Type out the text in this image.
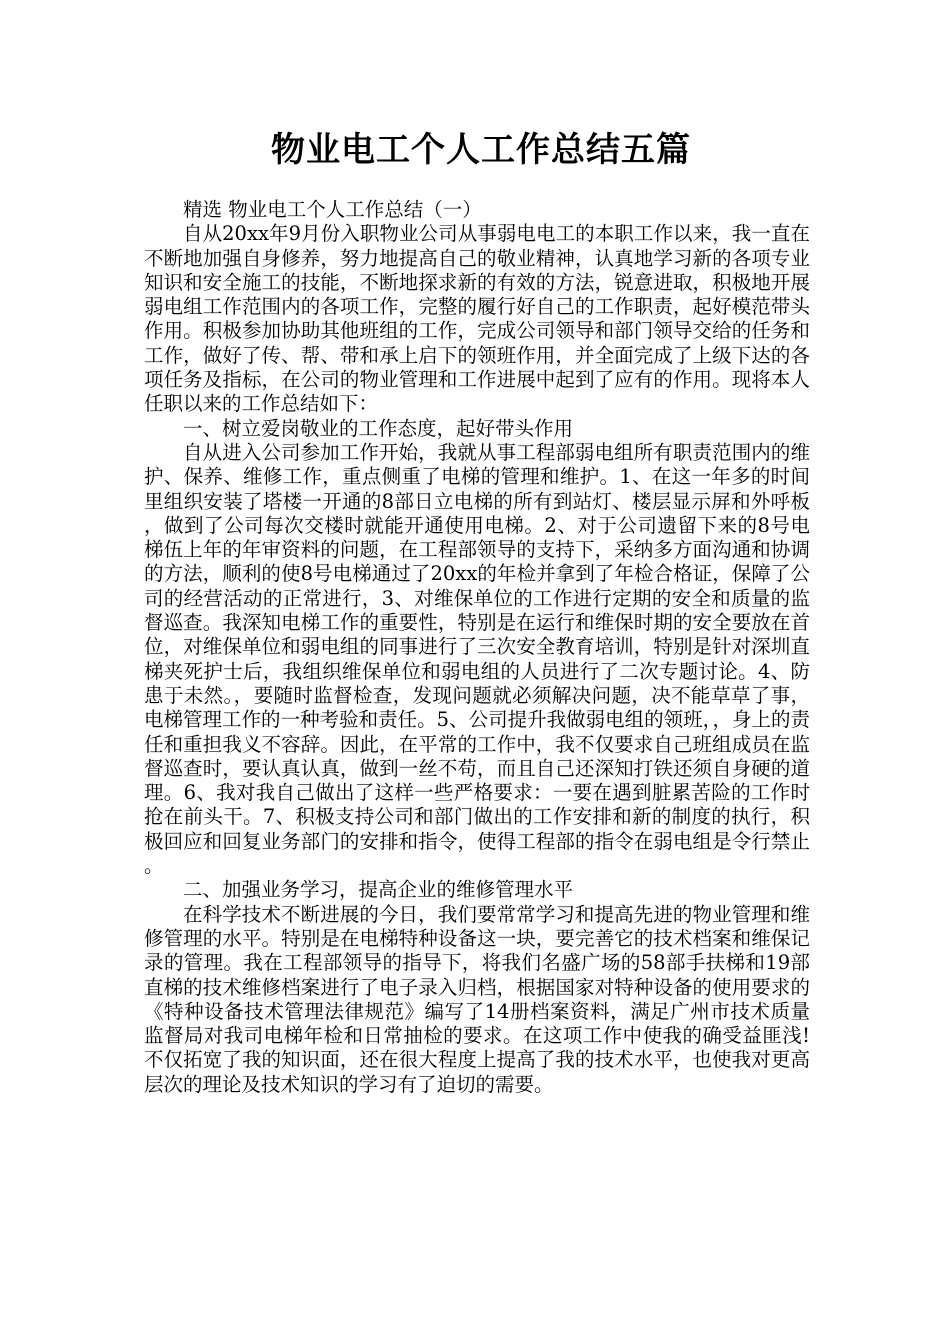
物业电工个人工作总结五篇

精选 物业电工个人工作总结（一）

自从20xx年9月份入职物业公司从事弱电电工的本职工作以来，我一直在不断地加强自身修养，努力地提高自己的敬业精神，认真地学习新的各项专业知识和安全施工的技能，不断地探求新的有效的方法，锐意进取，积极地开展弱电组工作范围内的各项工作，完整的履行好自己的工作职责，起好模范带头作用。积极参加协助其他班组的工作，完成公司领导和部门领导交给的任务和工作，做好了传、帮、带和承上启下的领班作用，并全面完成了上级下达的各项任务及指标，在公司的物业管理和工作进展中起到了应有的作用。现将本人任职以来的工作总结如下：

一、树立爱岗敬业的工作态度，起好带头作用

自从进入公司参加工作开始，我就从事工程部弱电组所有职责范围内的维护、保养、维修工作，重点侧重了电梯的管理和维护。1、在这一年多的时间里组织安装了塔楼一开通的8部日立电梯的所有到站灯、楼层显示屏和外呼板，做到了公司每次交楼时就能开通使用电梯。2、对于公司遗留下来的8号电梯伍上年的年审资料的问题，在工程部领导的支持下，采纳多方面沟通和协调的方法，顺利的使8号电梯通过了20xx的年检并拿到了年检合格证，保障了公司的经营活动的正常进行，3、对维保单位的工作进行定期的安全和质量的监督巡查。我深知电梯工作的重要性，特别是在运行和维保时期的安全要放在首位，对维保单位和弱电组的同事进行了三次安全教育培训，特别是针对深圳直梯夹死护士后，我组织维保单位和弱电组的人员进行了二次专题讨论。4、防患于未然。，要随时监督检查，发现问题就必须解决问题，决不能草草了事，电梯管理工作的一种考验和责任。5、公司提升我做弱电组的领班，，身上的责任和重担我义不容辞。因此，在平常的工作中，我不仅要求自己班组成员在监督巡查时，要认真认真，做到一丝不苟，而且自己还深知打铁还须自身硬的道理。6、我对我自己做出了这样一些严格要求：一要在遇到脏累苦险的工作时抢在前头干。7、积极支持公司和部门做出的工作安排和新的制度的执行，积极回应和回复业务部门的安排和指令，使得工程部的指令在弱电组是令行禁止。

二、加强业务学习，提高企业的维修管理水平

在科学技术不断进展的今日，我们要常常学习和提高先进的物业管理和维修管理的水平。特别是在电梯特种设备这一块，要完善它的技术档案和维保记录的管理。我在工程部领导的指导下，将我们名盛广场的58部手扶梯和19部直梯的技术维修档案进行了电子录入归档，根据国家对特种设备的使用要求的《特种设备技术管理法律规范》编写了14册档案资料，满足广州市技术质量监督局对我司电梯年检和日常抽检的要求。在这项工作中使我的确受益匪浅!不仅拓宽了我的知识面，还在很大程度上提高了我的技术水平，也使我对更高层次的理论及技术知识的学习有了迫切的需要。
